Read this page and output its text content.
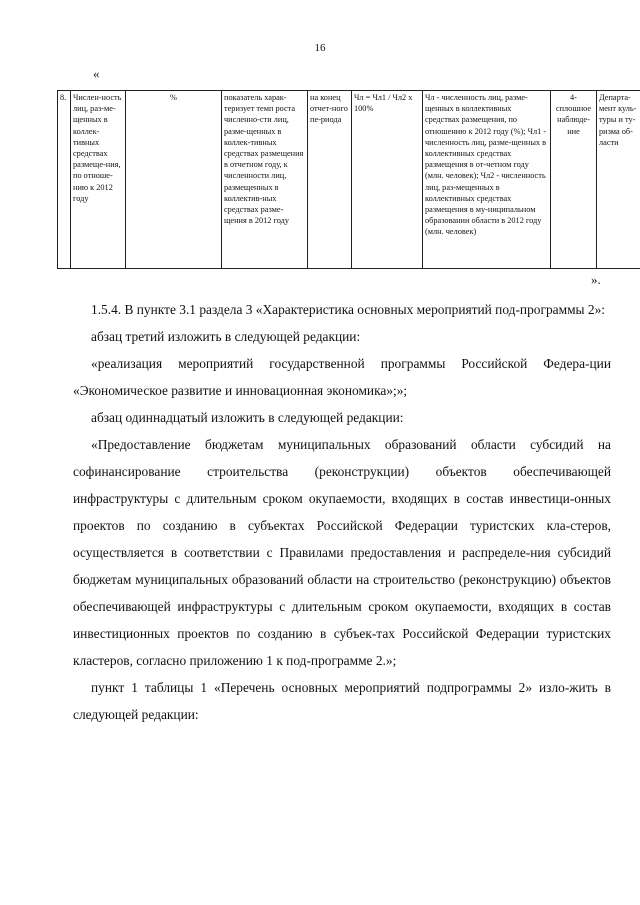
16
«
8.	Числен-ность лиц, раз-ме-щенных в коллек-тивных средствах размеще-ния, по отноше-нию к 2012 году	%	показатель харак-теризует темп роста численно-сти лиц, разме-щенных в коллек-тивных средствах размещения в отчетном году, к численности лиц, размещенных в коллектив-ных средствах разме-щения в 2012 году	на конец отчет-ного пе-риода	Чл = Чл1 / Чл2 х 100%	Чл - численность лиц, разме-щенных в коллективных средствах размещения, по отношению к 2012 году (%); Чл1 - численность лиц, разме-щенных в коллективных средствах размещения в от-четном году (млн. человек); Чл2 - численность лиц, раз-мещенных в коллективных средствах размещения в му-ниципальном образовании области в 2012 году (млн. человек)	4-сплошное наблюде-ние	Департа-мент куль-туры и ту-ризма об-ласти
».

1.5.4. В пункте 3.1 раздела 3 «Характеристика основных мероприятий под-программы 2»:

абзац третий изложить в следующей редакции:

«реализация мероприятий государственной программы Российской Федера-ции «Экономическое развитие и инновационная экономика»;»;

абзац одиннадцатый изложить в следующей редакции:

«Предоставление бюджетам муниципальных образований области субсидий на софинансирование строительства (реконструкции) объектов обеспечивающей инфраструктуры с длительным сроком окупаемости, входящих в состав инвестици-онных проектов по созданию в субъектах Российской Федерации туристских кла-стеров, осуществляется в соответствии с Правилами предоставления и распределе-ния субсидий бюджетам муниципальных образований области на строительство (реконструкцию) объектов обеспечивающей инфраструктуры с длительным сроком окупаемости, входящих в состав инвестиционных проектов по созданию в субъек-тах Российской Федерации туристских кластеров, согласно приложению 1 к под-программе 2.»;

пункт 1 таблицы 1 «Перечень основных мероприятий подпрограммы 2» изло-жить в следующей редакции:
